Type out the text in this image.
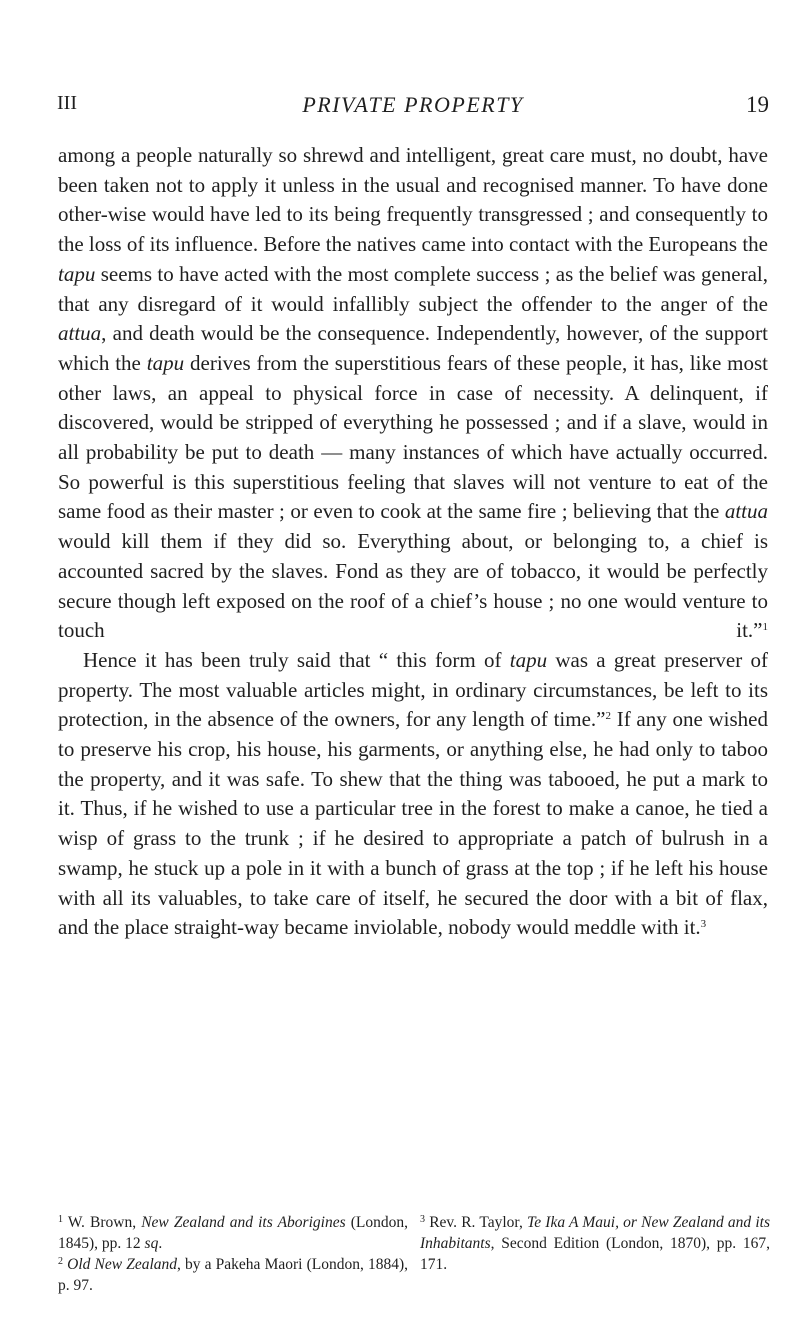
III	PRIVATE PROPERTY	19

among a people naturally so shrewd and intelligent, great care must, no doubt, have been taken not to apply it unless in the usual and recognised manner. To have done other-wise would have led to its being frequently transgressed ; and consequently to the loss of its influence. Before the natives came into contact with the Europeans the tapu seems to have acted with the most complete success ; as the belief was general, that any disregard of it would infallibly subject the offender to the anger of the attua, and death would be the consequence. Independently, however, of the support which the tapu derives from the superstitious fears of these people, it has, like most other laws, an appeal to physical force in case of necessity. A delinquent, if discovered, would be stripped of everything he possessed ; and if a slave, would in all probability be put to death — many instances of which have actually occurred. So powerful is this superstitious feeling that slaves will not venture to eat of the same food as their master ; or even to cook at the same fire ; believing that the attua would kill them if they did so. Everything about, or belonging to, a chief is accounted sacred by the slaves. Fond as they are of tobacco, it would be perfectly secure though left exposed on the roof of a chief’s house ; no one would venture to touch it.”$^1$

Hence it has been truly said that “ this form of tapu was a great preserver of property. The most valuable articles might, in ordinary circumstances, be left to its protection, in the absence of the owners, for any length of time.”$^2$ If any one wished to preserve his crop, his house, his garments, or anything else, he had only to taboo the property, and it was safe. To shew that the thing was tabooed, he put a mark to it. Thus, if he wished to use a particular tree in the forest to make a canoe, he tied a wisp of grass to the trunk ; if he desired to appropriate a patch of bulrush in a swamp, he stuck up a pole in it with a bunch of grass at the top ; if he left his house with all its valuables, to take care of itself, he secured the door with a bit of flax, and the place straight-way became inviolable, nobody would meddle with it.$^3$

$^1$ W. Brown, New Zealand and its Aborigines (London, 1845), pp. 12 sq.

$^2$ Old New Zealand, by a Pakeha Maori (London, 1884), p. 97.

$^3$ Rev. R. Taylor, Te Ika A Maui, or New Zealand and its Inhabitants, Second Edition (London, 1870), pp. 167, 171.
